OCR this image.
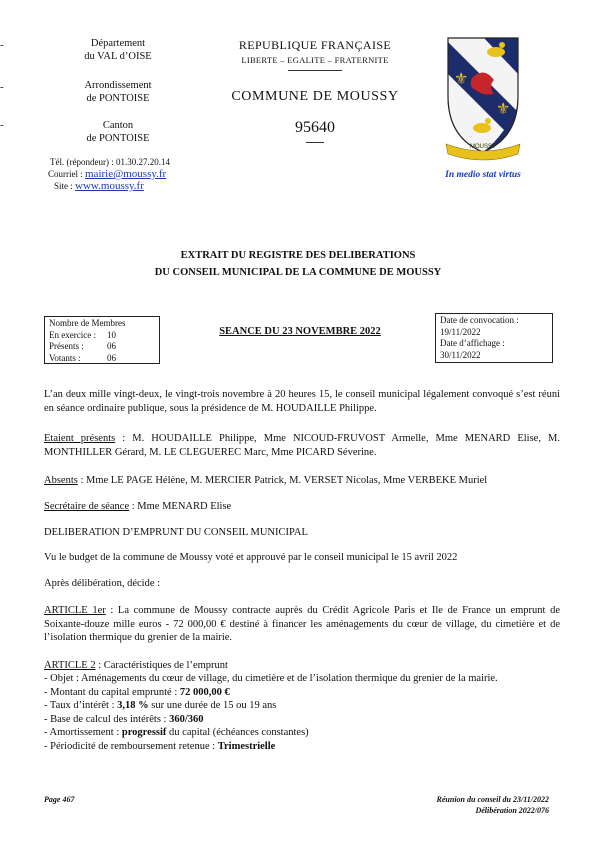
-
-
-
Département
du VAL d’OISE
Arrondissement
de PONTOISE
Canton
de PONTOISE
Tél. (répondeur) : 01.30.27.20.14
Courriel : mairie@moussy.fr
Site : www.moussy.fr
REPUBLIQUE FRANÇAISE
LIBERTE – EGALITE – FRATERNITE
COMMUNE DE MOUSSY
95640
⚜
⚜
MOUSSY
In medio stat virtus
EXTRAIT DU REGISTRE DES DELIBERATIONS
DU CONSEIL MUNICIPAL DE LA COMMUNE DE MOUSSY
Nombre de Membres
En exercice :	10
Présents :	06
Votants :	06
SEANCE DU 23 NOVEMBRE 2022
Date de convocation :
19/11/2022
Date d’affichage :
30/11/2022
L’an deux mille vingt-deux, le vingt-trois novembre à 20 heures 15, le conseil municipal légalement convoqué s’est réuni en séance ordinaire publique, sous la présidence de M. HOUDAILLE Philippe.
Etaient présents : M. HOUDAILLE Philippe, Mme NICOUD-FRUVOST Armelle, Mme MENARD Elise, M. MONTHILLER Gérard, M. LE CLEGUEREC Marc, Mme PICARD Séverine.
Absents : Mme LE PAGE Hélène, M. MERCIER Patrick, M. VERSET Nicolas, Mme VERBEKE Muriel
Secrétaire de séance : Mme MENARD Elise
DELIBERATION D’EMPRUNT DU CONSEIL MUNICIPAL
Vu le budget de la commune de Moussy voté et approuvé par le conseil municipal le 15 avril 2022
Après délibération, décide :
ARTICLE 1er : La commune de Moussy contracte auprès du Crédit Agricole Paris et Ile de France un emprunt de Soixante-douze mille euros - 72 000,00 € destiné à financer les aménagements du cœur de village, du cimetière et de l’isolation thermique du grenier de la mairie.
ARTICLE 2 : Caractéristiques de l’emprunt
- Objet : Aménagements du cœur de village, du cimetière et de l’isolation thermique du grenier de la mairie.
- Montant du capital emprunté : 72 000,00 €
- Taux d’intérêt : 3,18 % sur une durée de 15 ou 19 ans
- Base de calcul des intérêts : 360/360
- Amortissement : progressif du capital (échéances constantes)
- Périodicité de remboursement retenue : Trimestrielle
Page 467	Réunion du conseil du 23/11/2022
Délibération 2022/076
